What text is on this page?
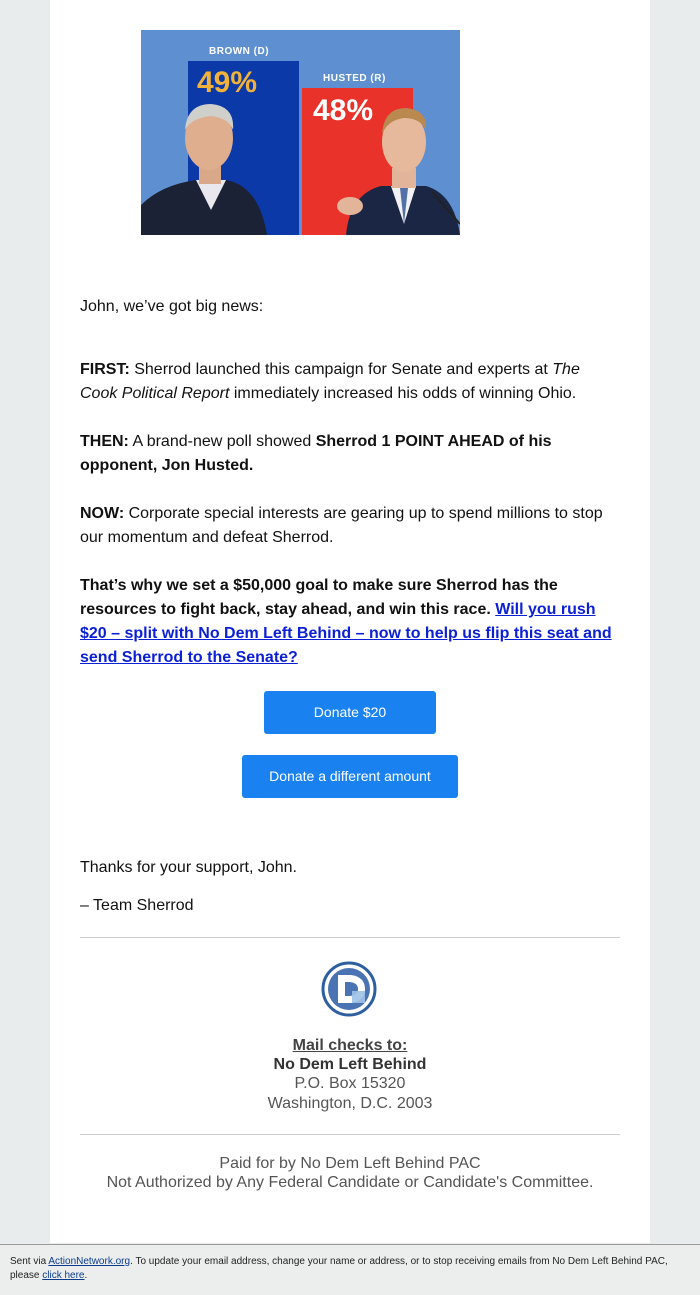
BROWN (D)
HUSTED (R)
49%
48%
John, we’ve got big news:
FIRST: Sherrod launched this campaign for Senate and experts at The Cook Political Report immediately increased his odds of winning Ohio.
THEN: A brand-new poll showed Sherrod 1 POINT AHEAD of his opponent, Jon Husted.
NOW: Corporate special interests are gearing up to spend millions to stop our momentum and defeat Sherrod.
That’s why we set a $50,000 goal to make sure Sherrod has the resources to fight back, stay ahead, and win this race. Will you rush $20 – split with No Dem Left Behind – now to help us flip this seat and send Sherrod to the Senate?
Donate $20
Donate a different amount
Thanks for your support, John.
– Team Sherrod
Mail checks to:
No Dem Left Behind
P.O. Box 15320
Washington, D.C. 2003
Paid for by No Dem Left Behind PAC
Not Authorized by Any Federal Candidate or Candidate's Committee.
Sent via ActionNetwork.org. To update your email address, change your name or address, or to stop receiving emails from No Dem Left Behind PAC, please click here.
